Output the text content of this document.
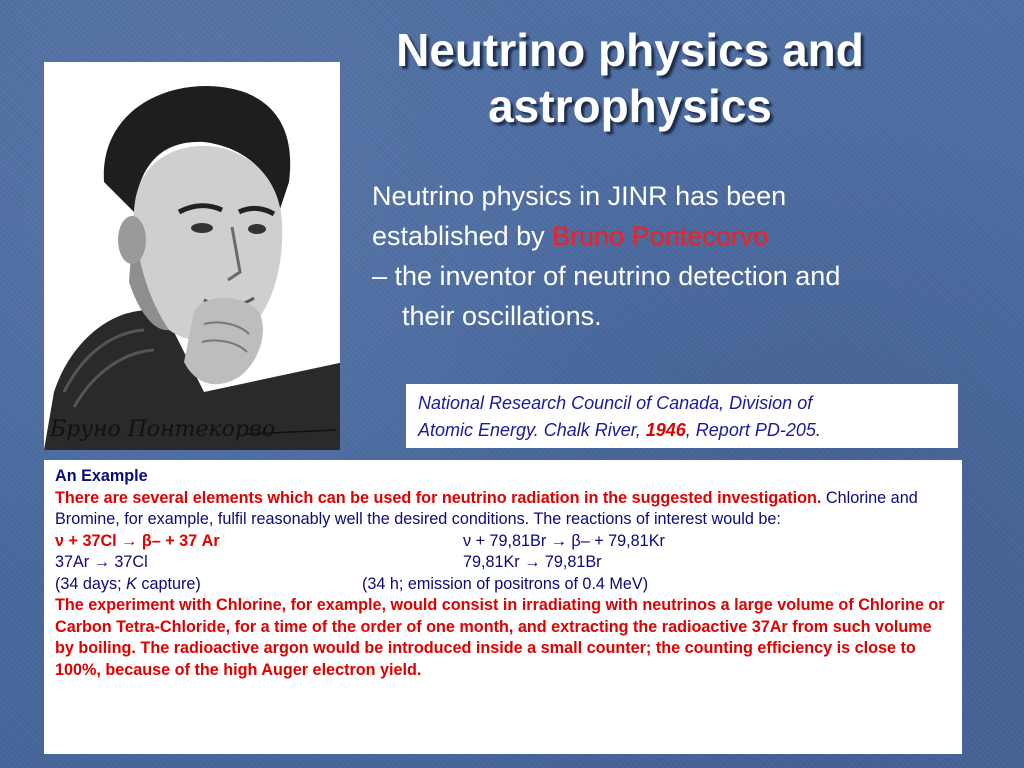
Neutrino physics and
astrophysics
Бруно Понтекорво
Neutrino physics in JINR has been
established by Bruno Pontecorvo
– the inventor of neutrino detection and
their oscillations.
National Research Council of Canada, Division of
Atomic Energy. Chalk River, 1946, Report PD-205.
An Example
There are several elements which can be used for neutrino radiation in the suggested investigation. Chlorine and Bromine, for example, fulfil reasonably well the desired conditions. The reactions of interest would be:
ν + 37Cl → β– + 37 Ar	ν + 79,81Br → β– + 79,81Kr
37Ar → 37Cl	79,81Kr → 79,81Br
(34 days; K capture)	(34 h; emission of positrons of 0.4 MeV)
The experiment with Chlorine, for example, would consist in irradiating with neutrinos a large volume of Chlorine or Carbon Tetra-Chloride, for a time of the order of one month, and extracting the radioactive 37Ar from such volume by boiling. The radioactive argon would be introduced inside a small counter; the counting efficiency is close to 100%, because of the high Auger electron yield.
